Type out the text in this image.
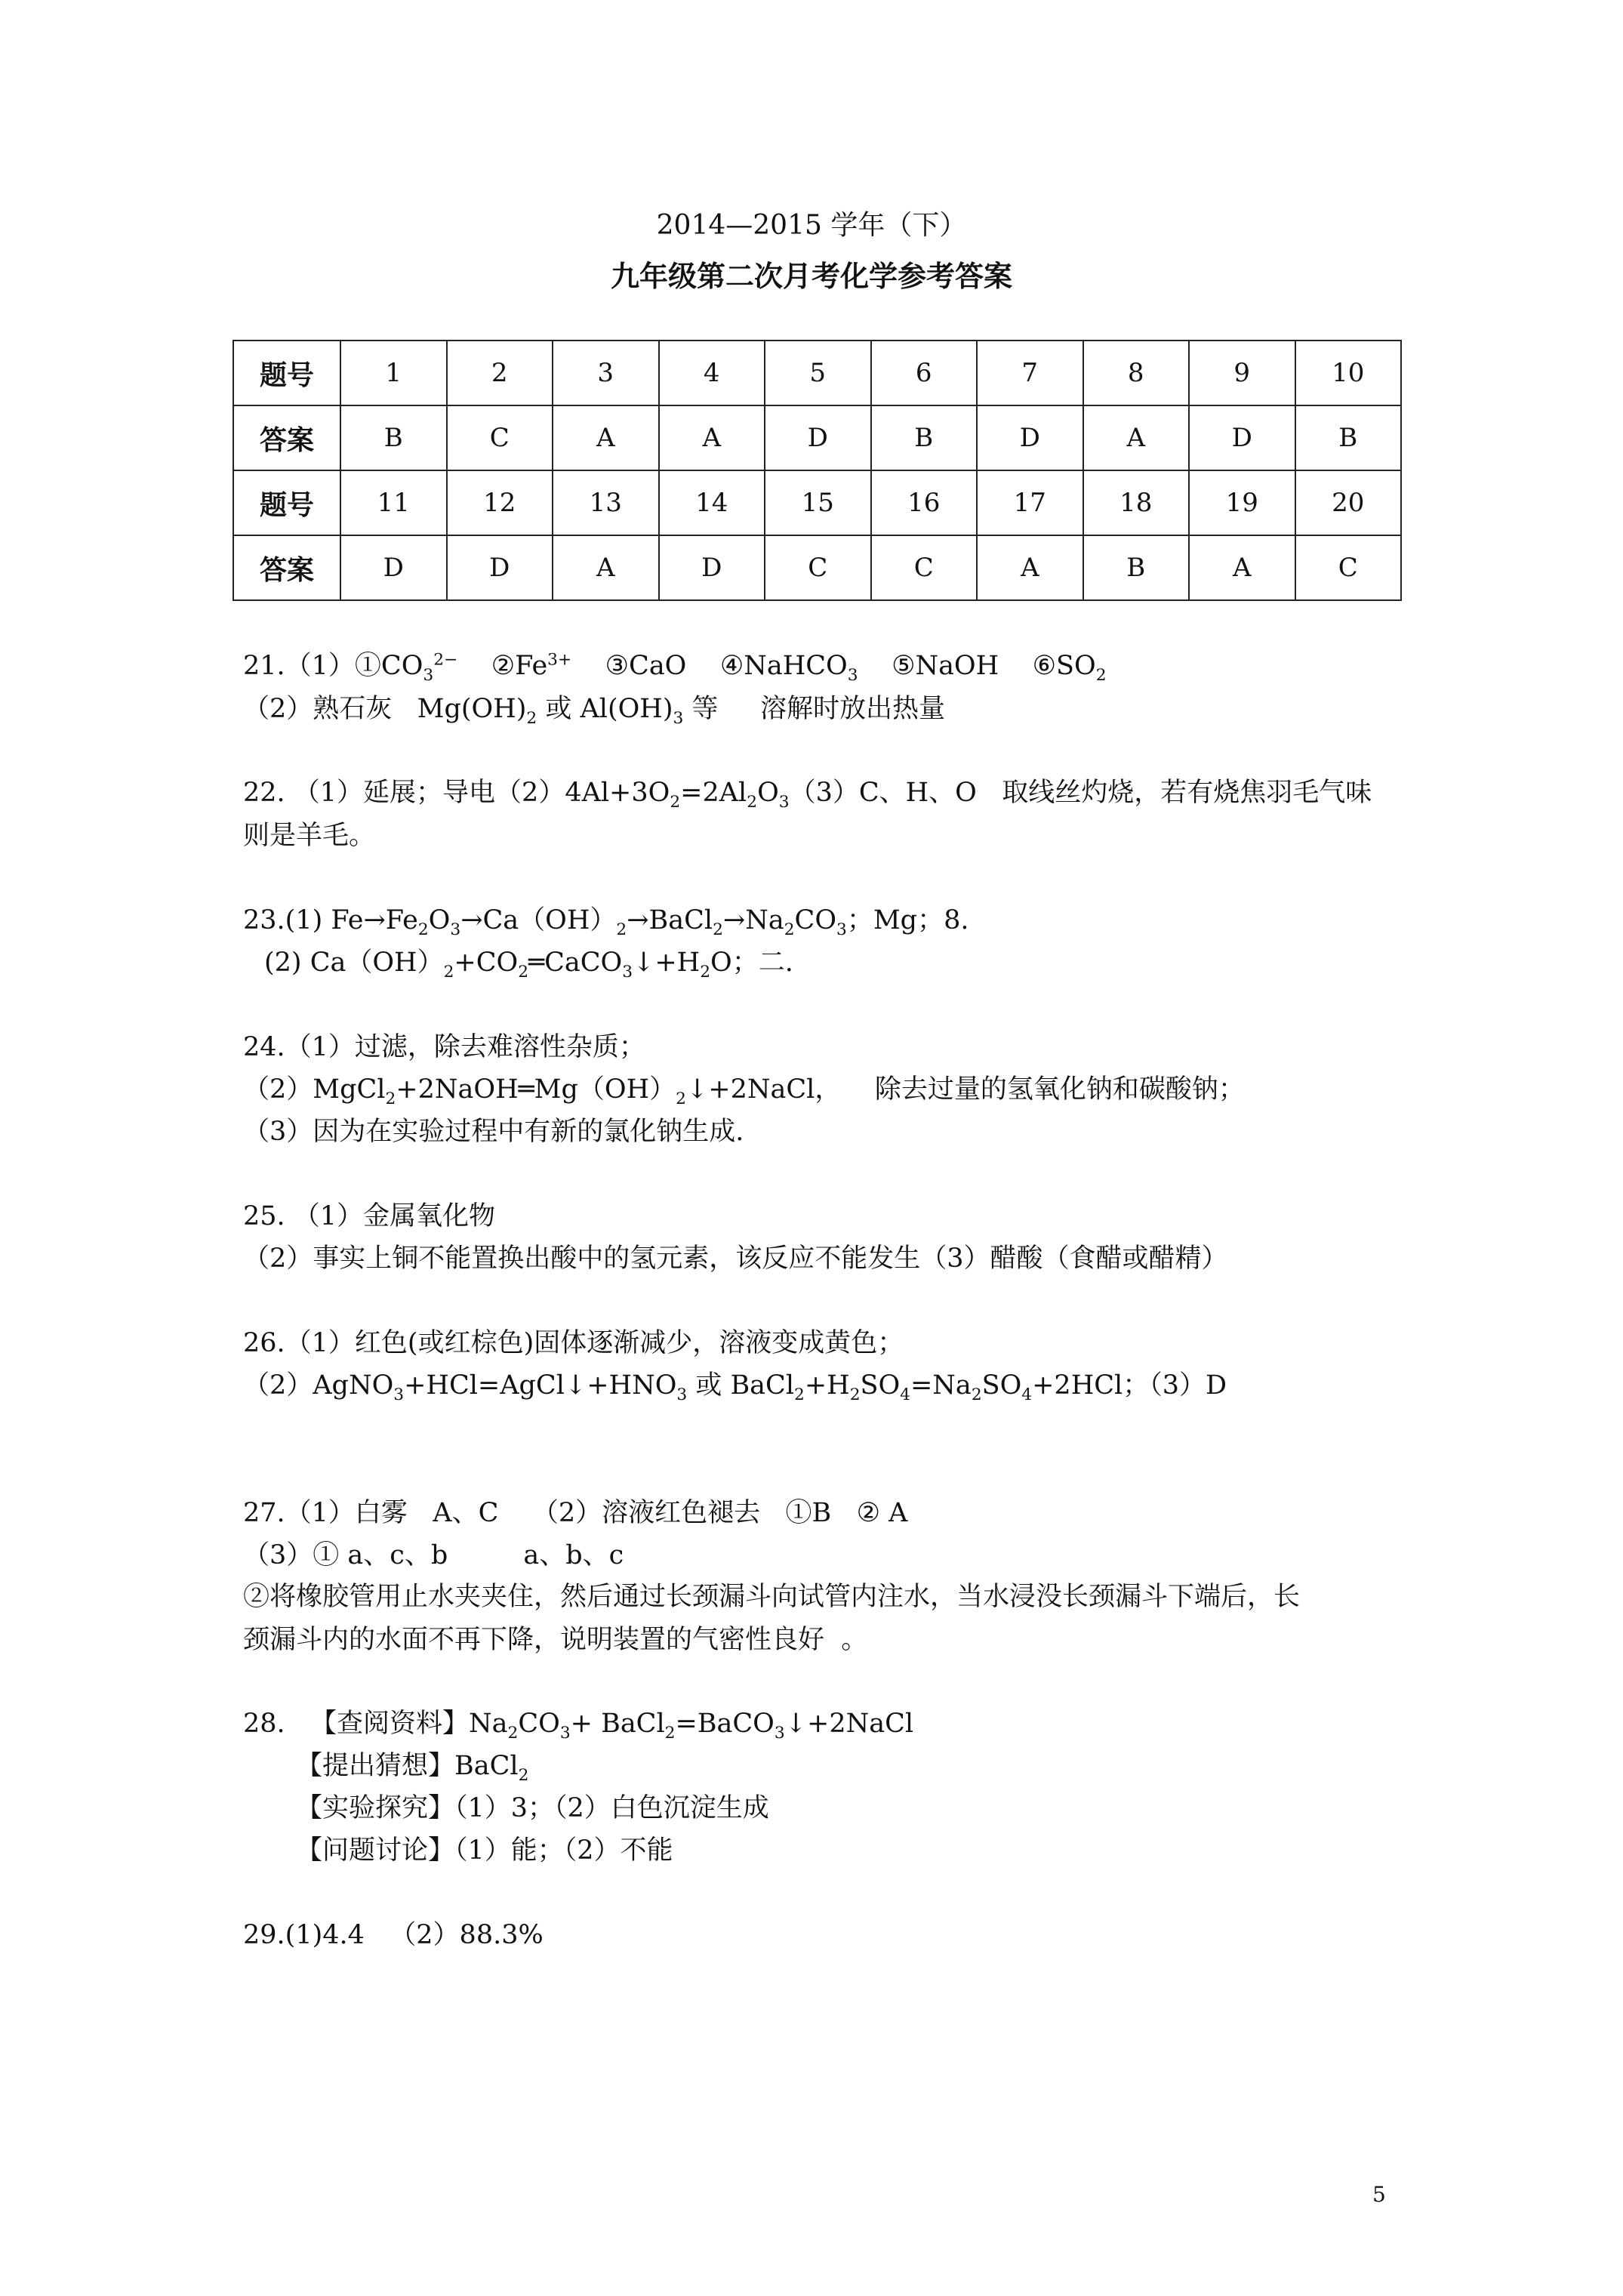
2014—2015 学年（下）
九年级第二次月考化学参考答案
题号	1	2	3	4	5	6	7	8	9	10
答案	B	C	A	A	D	B	D	A	D	B
题号	11	12	13	14	15	16	17	18	19	20
答案	D	D	A	D	C	C	A	B	A	C
$21.(1)①CO_3^{2-}$    $②Fe^{3+}$    ③CaO    ④NaHCO$_3$    ⑤NaOH    $⑥SO_2$
（2）熟石灰   $Mg(OH)_2$ 或 $Al(OH)_3$ 等     溶解时放出热量
22. （1）延展；导电$(2)4Al+3O_2=2Al_2O_3(3)C$、H、O   取线丝灼烧，若有烧焦羽毛气味
则是羊毛。
23.(1) $Fe\to Fe_2O_3\to Ca(OH)_2\to BaCl_2\to Na_2CO_3$；Mg；8.
(2) $Ca(OH)_2+CO_2═CaCO_3↓+H_2O$；二.
24.（1）过滤，除去难溶性杂质；
$(2)MgCl_2+2NaOH═Mg(OH)_2↓+2NaCl$，    除去过量的氢氧化钠和碳酸钠；
（3）因为在实验过程中有新的氯化钠生成.
25. （1）金属氧化物
（2）事实上铜不能置换出酸中的氢元素，该反应不能发生（3）醋酸（食醋或醋精）
26.（1）红色(或红棕色)固体逐渐减少，溶液变成黄色；
$(2)AgNO_3+HCl=AgCl↓+HNO_3$ 或 $BaCl_2+H_2SO_4=Na_2SO_4+2HCl$；（3）D
27.（1）白雾   A、C    （2）溶液红色褪去   ①B   ② A
（3）① a、c、b         a、b、c
②将橡胶管用止水夹夹住，然后通过长颈漏斗向试管内注水，当水浸没长颈漏斗下端后，长
颈漏斗内的水面不再下降，说明装置的气密性良好  。
28.   【查阅资料】$Na_2CO_3+$ BaCl$_2$=BaCO$_3$↓+2NaCl
【提出猜想】BaCl$_2$
【实验探究】（1）3；（2）白色沉淀生成
【问题讨论】（1）能；（2）不能
29.(1)4.4   （2）88.3%
5
